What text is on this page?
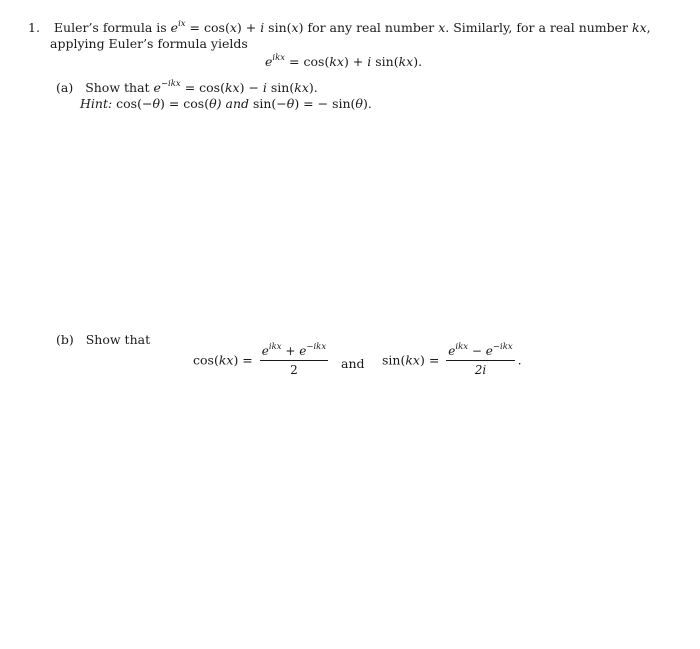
1. Euler’s formula is $e^{ix} = \cos(x) + i$ sin(x) for any real number x. Similarly, for a real number kx,
applying Euler’s formula yields
$e^{ikx} = \cos(kx) + i$ sin(kx).
(a) Show that $e^{-ikx} = \cos(kx) - i$ sin(kx).
Hint: cos(−θ) = cos(θ) and sin(−θ) = − sin(θ).
(b) Show that
$\cos(kx) = \frac{e^{ikx} + e^{-ikx}}{2}$ and $\sin(kx) = \frac{e^{ikx} - e^{-ikx}}{2i}$ .
